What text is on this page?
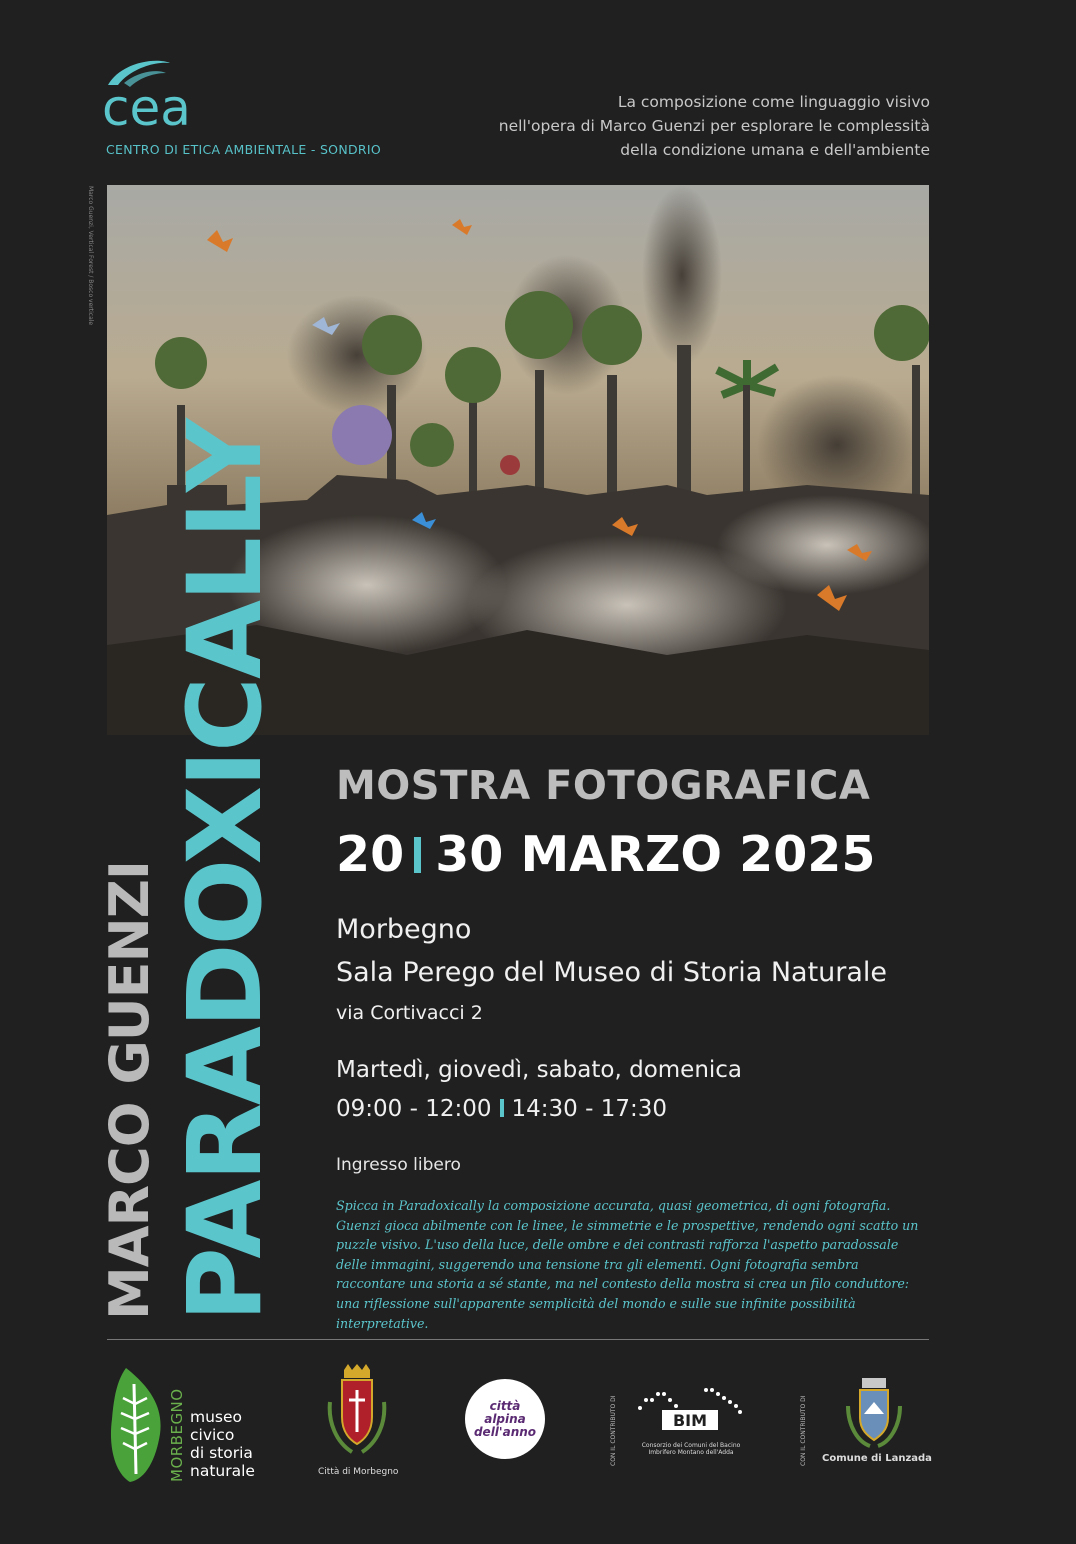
cea
CENTRO DI ETICA AMBIENTALE - SONDRIO
La composizione come linguaggio visivo
nell'opera di Marco Guenzi per esplorare le complessità
della condizione umana e dell'ambiente
Marco Guenzi, Vertical Forest / Bosco verticale
PARADOXICALLY
MARCO GUENZI
MOSTRA FOTOGRAFICA
20 30 MARZO 2025
Morbegno
Sala Perego del Museo di Storia Naturale
via Cortivacci 2
Martedì, giovedì, sabato, domenica
09:00 - 12:00 14:30 - 17:30
Ingresso libero
Spicca in Paradoxically la composizione accurata, quasi geometrica, di ogni fotografia. Guenzi gioca abilmente con le linee, le simmetrie e le prospettive, rendendo ogni scatto un puzzle visivo. L'uso della luce, delle ombre e dei contrasti rafforza l'aspetto paradossale delle immagini, suggerendo una tensione tra gli elementi. Ogni fotografia sembra raccontare una storia a sé stante, ma nel contesto della mostra si crea un filo conduttore: una riflessione sull'apparente semplicità del mondo e sulle sue infinite possibilità interpretative.
MORBEGNO museo
civico
di storia
naturale	Città di Morbegno
città
alpina
dell'anno	CON IL CONTRIBUTO DI	BIM
Consorzio dei Comuni del Bacino Imbrifero Montano dell'Adda	CON IL CONTRIBUTO DI Comune di Lanzada
